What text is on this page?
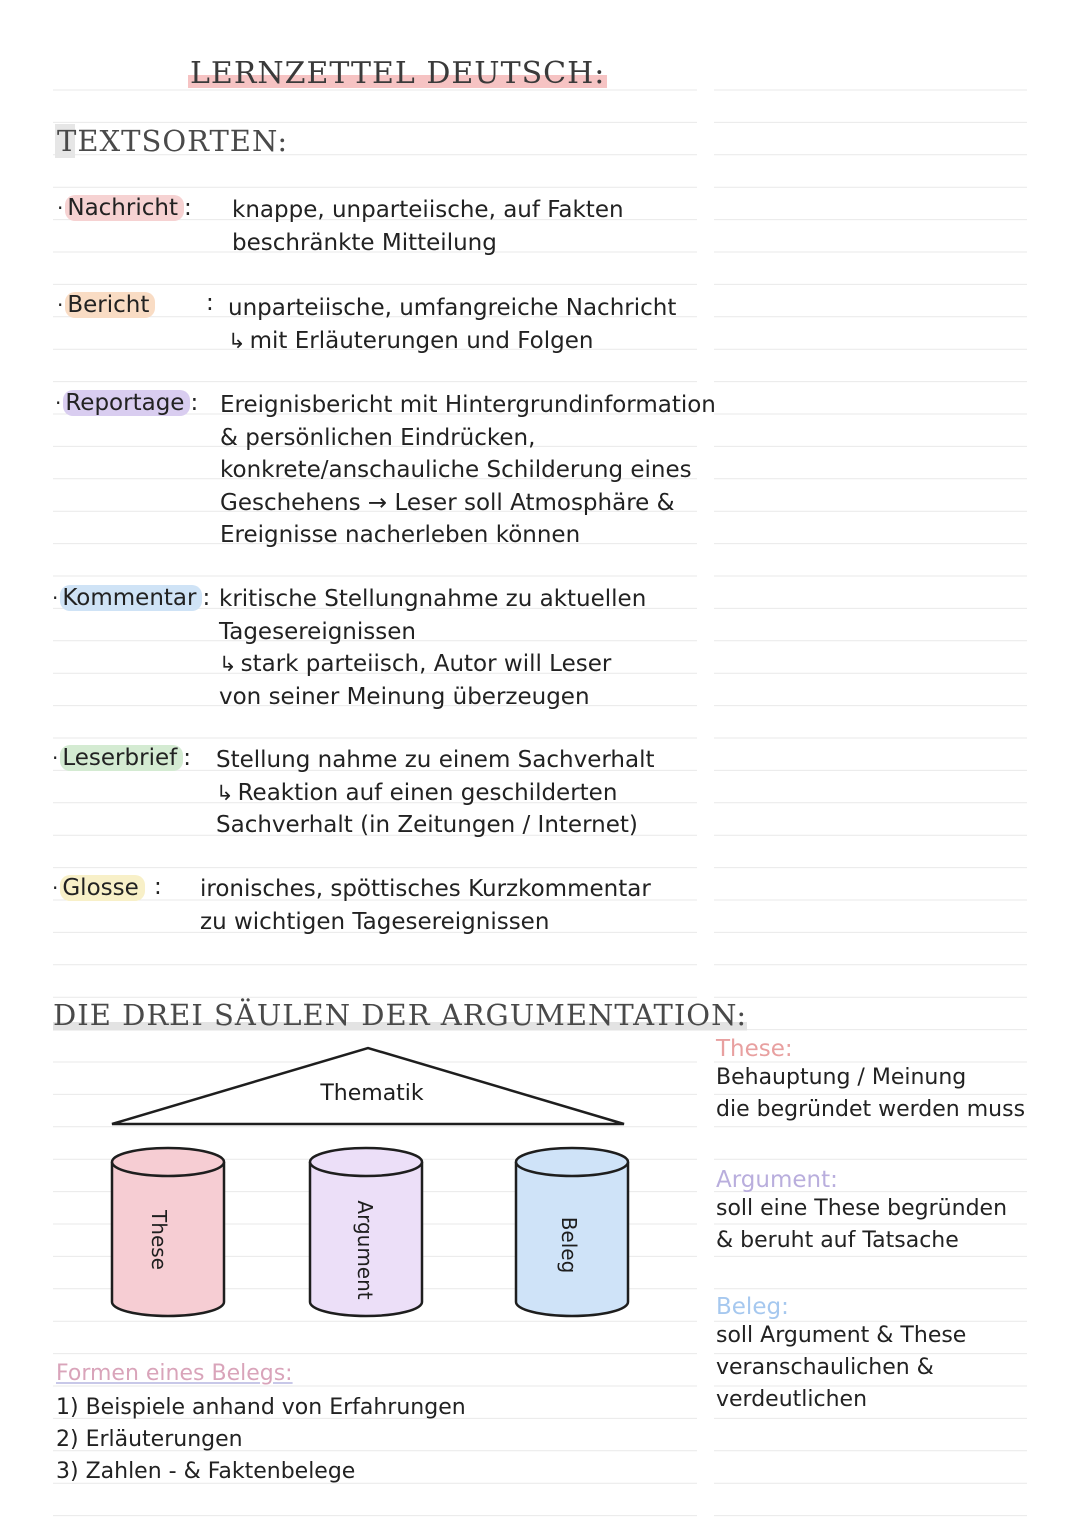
LERNZETTEL DEUTSCH:
TEXTSORTEN:
· Nachricht : knappe, unparteiische, auf Fakten
beschränkte Mitteilung
· Bericht : unparteiische, umfangreiche Nachricht
↳ mit Erläuterungen und Folgen
· Reportage : Ereignisbericht mit Hintergrundinformation
& persönlichen Eindrücken,
konkrete/anschauliche Schilderung eines
Geschehens → Leser soll Atmosphäre &
Ereignisse nacherleben können
· Kommentar : kritische Stellungnahme zu aktuellen
Tagesereignissen
↳ stark parteiisch, Autor will Leser
von seiner Meinung überzeugen
· Leserbrief : Stellung nahme zu einem Sachverhalt
↳ Reaktion auf einen geschilderten
Sachverhalt (in Zeitungen / Internet)
· Glosse : ironisches, spöttisches Kurzkommentar
zu wichtigen Tagesereignissen
DIE DREI SÄULEN DER ARGUMENTATION:
Thematik
These	Argument	Beleg
These:
Behauptung / Meinung
die begründet werden muss
Argument:
soll eine These begründen
& beruht auf Tatsache
Beleg:
soll Argument & These
veranschaulichen &
verdeutlichen
Formen eines Belegs:
1) Beispiele anhand von Erfahrungen
2) Erläuterungen
3) Zahlen - & Faktenbelege
